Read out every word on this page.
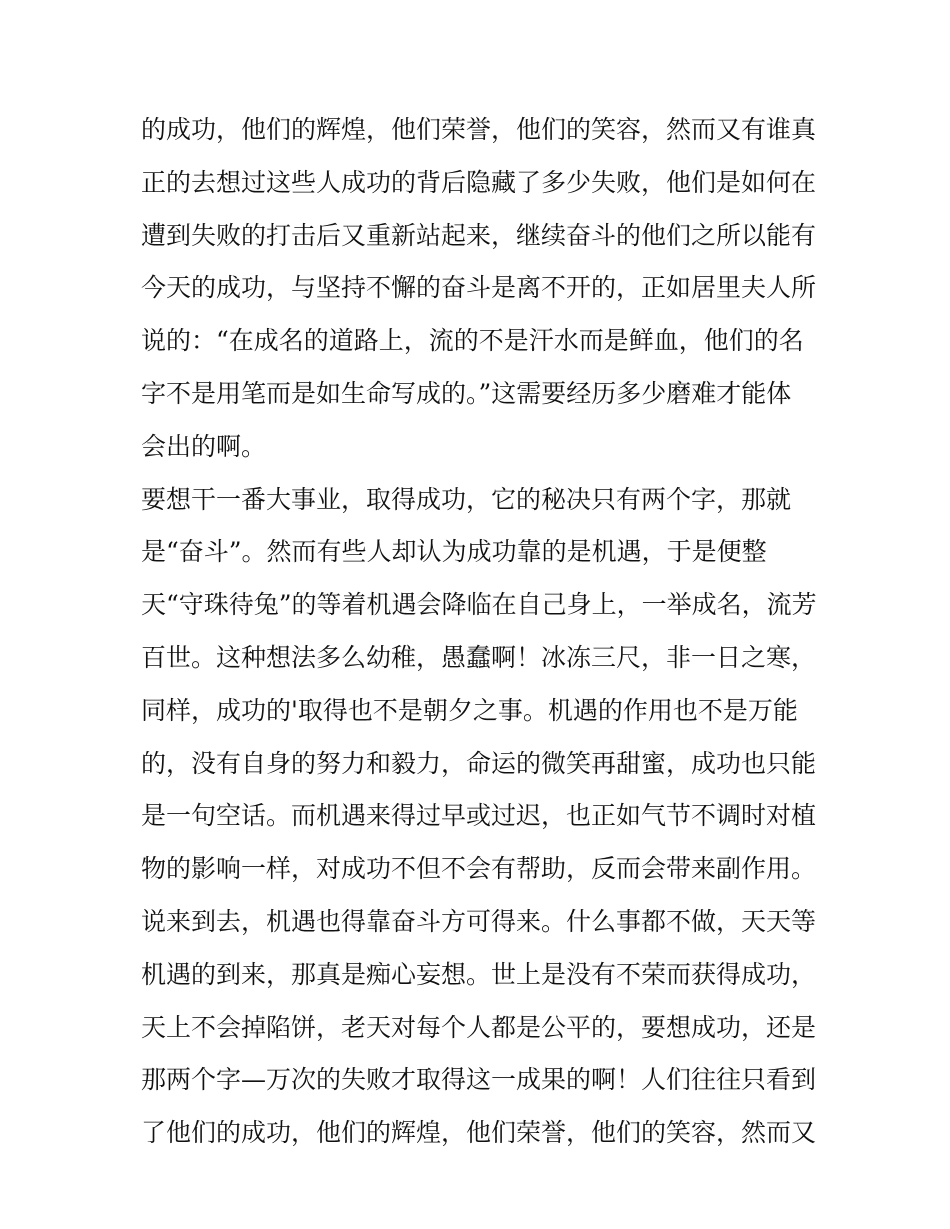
的成功，他们的辉煌，他们荣誉，他们的笑容，然而又有谁真
正的去想过这些人成功的背后隐藏了多少失败，他们是如何在
遭到失败的打击后又重新站起来，继续奋斗的他们之所以能有
今天的成功，与坚持不懈的奋斗是离不开的，正如居里夫人所
说的：“在成名的道路上，流的不是汗水而是鲜血，他们的名
字不是用笔而是如生命写成的。”这需要经历多少磨难才能体
会出的啊。
要想干一番大事业，取得成功，它的秘决只有两个字，那就
是“奋斗”。然而有些人却认为成功靠的是机遇，于是便整
天“守珠待兔”的等着机遇会降临在自己身上，一举成名，流芳
百世。这种想法多么幼稚，愚蠢啊！冰冻三尺，非一日之寒，
同样，成功的'取得也不是朝夕之事。机遇的作用也不是万能
的，没有自身的努力和毅力，命运的微笑再甜蜜，成功也只能
是一句空话。而机遇来得过早或过迟，也正如气节不调时对植
物的影响一样，对成功不但不会有帮助，反而会带来副作用。
说来到去，机遇也得靠奋斗方可得来。什么事都不做，天天等
机遇的到来，那真是痴心妄想。世上是没有不荣而获得成功，
天上不会掉陷饼，老天对每个人都是公平的，要想成功，还是
那两个字—万次的失败才取得这一成果的啊！人们往往只看到
了他们的成功，他们的辉煌，他们荣誉，他们的笑容，然而又
